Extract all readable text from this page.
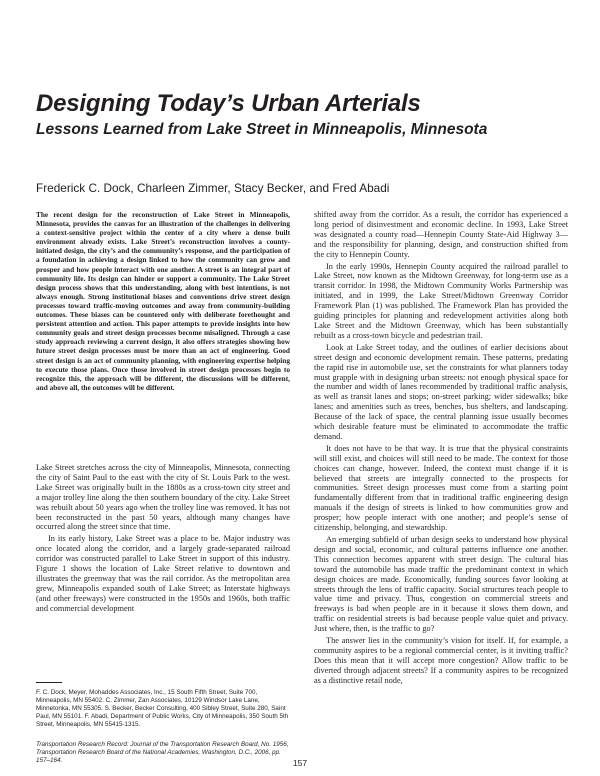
Designing Today’s Urban Arterials
Lessons Learned from Lake Street in Minneapolis, Minnesota

Frederick C. Dock, Charleen Zimmer, Stacy Becker, and Fred Abadi

The recent design for the reconstruction of Lake Street in Minneapolis, Minnesota, provides the canvas for an illustration of the challenges in delivering a context-sensitive project within the center of a city where a dense built environment already exists. Lake Street’s reconstruction involves a county-initiated design, the city’s and the community’s response, and the participation of a foundation in achieving a design linked to how the community can grow and prosper and how people interact with one another. A street is an integral part of community life. Its design can hinder or support a community. The Lake Street design process shows that this understanding, along with best intentions, is not always enough. Strong institutional biases and conventions drive street design processes toward traffic-moving outcomes and away from community-building outcomes. These biases can be countered only with deliberate forethought and persistent attention and action. This paper attempts to provide insights into how community goals and street design processes become misaligned. Through a case study approach reviewing a current design, it also offers strategies showing how future street design processes must be more than an act of engineering. Good street design is an act of community planning, with engineering expertise helping to execute those plans. Once those involved in street design processes begin to recognize this, the approach will be different, the discussions will be different, and above all, the outcomes will be different.

Lake Street stretches across the city of Minneapolis, Minnesota, connecting the city of Saint Paul to the east with the city of St. Louis Park to the west. Lake Street was originally built in the 1880s as a cross-town city street and a major trolley line along the then southern boundary of the city. Lake Street was rebuilt about 50 years ago when the trolley line was removed. It has not been reconstructed in the past 50 years, although many changes have occurred along the street since that time.

In its early history, Lake Street was a place to be. Major industry was once located along the corridor, and a largely grade-separated railroad corridor was constructed parallel to Lake Street in support of this industry. Figure 1 shows the location of Lake Street relative to downtown and illustrates the greenway that was the rail corridor. As the metropolitan area grew, Minneapolis expanded south of Lake Street; as Interstate highways (and other freeways) were constructed in the 1950s and 1960s, both traffic and commercial development

shifted away from the corridor. As a result, the corridor has experienced a long period of disinvestment and economic decline. In 1993, Lake Street was designated a county road—Hennepin County State-Aid Highway 3—and the responsibility for planning, design, and construction shifted from the city to Hennepin County.

In the early 1990s, Hennepin County acquired the railroad parallel to Lake Street, now known as the Midtown Greenway, for long-term use as a transit corridor. In 1998, the Midtown Community Works Partnership was initiated, and in 1999, the Lake Street/Midtown Greenway Corridor Framework Plan (1) was published. The Framework Plan has provided the guiding principles for planning and redevelopment activities along both Lake Street and the Midtown Greenway, which has been substantially rebuilt as a cross-town bicycle and pedestrian trail.

Look at Lake Street today, and the outlines of earlier decisions about street design and economic development remain. These patterns, predating the rapid rise in automobile use, set the constraints for what planners today must grapple with in designing urban streets: not enough physical space for the number and width of lanes recommended by traditional traffic analysis, as well as transit lanes and stops; on-street parking; wider sidewalks; bike lanes; and amenities such as trees, benches, bus shelters, and landscaping. Because of the lack of space, the central planning issue usually becomes which desirable feature must be eliminated to accommodate the traffic demand.

It does not have to be that way. It is true that the physical constraints will still exist, and choices will still need to be made. The context for those choices can change, however. Indeed, the context must change if it is believed that streets are integrally connected to the prospects for communities. Street design processes must come from a starting point fundamentally different from that in traditional traffic engineering design manuals if the design of streets is linked to how communities grow and prosper; how people interact with one another; and people’s sense of citizenship, belonging, and stewardship.

An emerging subfield of urban design seeks to understand how physical design and social, economic, and cultural patterns influence one another. This connection becomes apparent with street design. The cultural bias toward the automobile has made traffic the predominant context in which design choices are made. Economically, funding sources favor looking at streets through the lens of traffic capacity. Social structures teach people to value time and privacy. Thus, congestion on commercial streets and freeways is bad when people are in it because it slows them down, and traffic on residential streets is bad because people value quiet and privacy. Just where, then, is the traffic to go?

The answer lies in the community’s vision for itself. If, for example, a community aspires to be a regional commercial center, is it inviting traffic? Does this mean that it will accept more congestion? Allow traffic to be diverted through adjacent streets? If a community aspires to be recognized as a distinctive retail node,

F. C. Dock, Meyer, Mohaddes Associates, Inc., 15 South Fifth Street, Suite 700, Minneapolis, MN 55402. C. Zimmer, Zan Associates, 10129 Windsor Lake Lane, Minnetonka, MN 55305. S. Becker, Becker Consulting, 400 Sibley Street, Suite 280, Saint Paul, MN 55101. F. Abadi, Department of Public Works, City of Minneapolis, 350 South 5th Street, Minneapolis, MN 55415-1315.

Transportation Research Record: Journal of the Transportation Research Board, No. 1956, Transportation Research Board of the National Academies, Washington, D.C., 2006, pp. 157–164.	157
